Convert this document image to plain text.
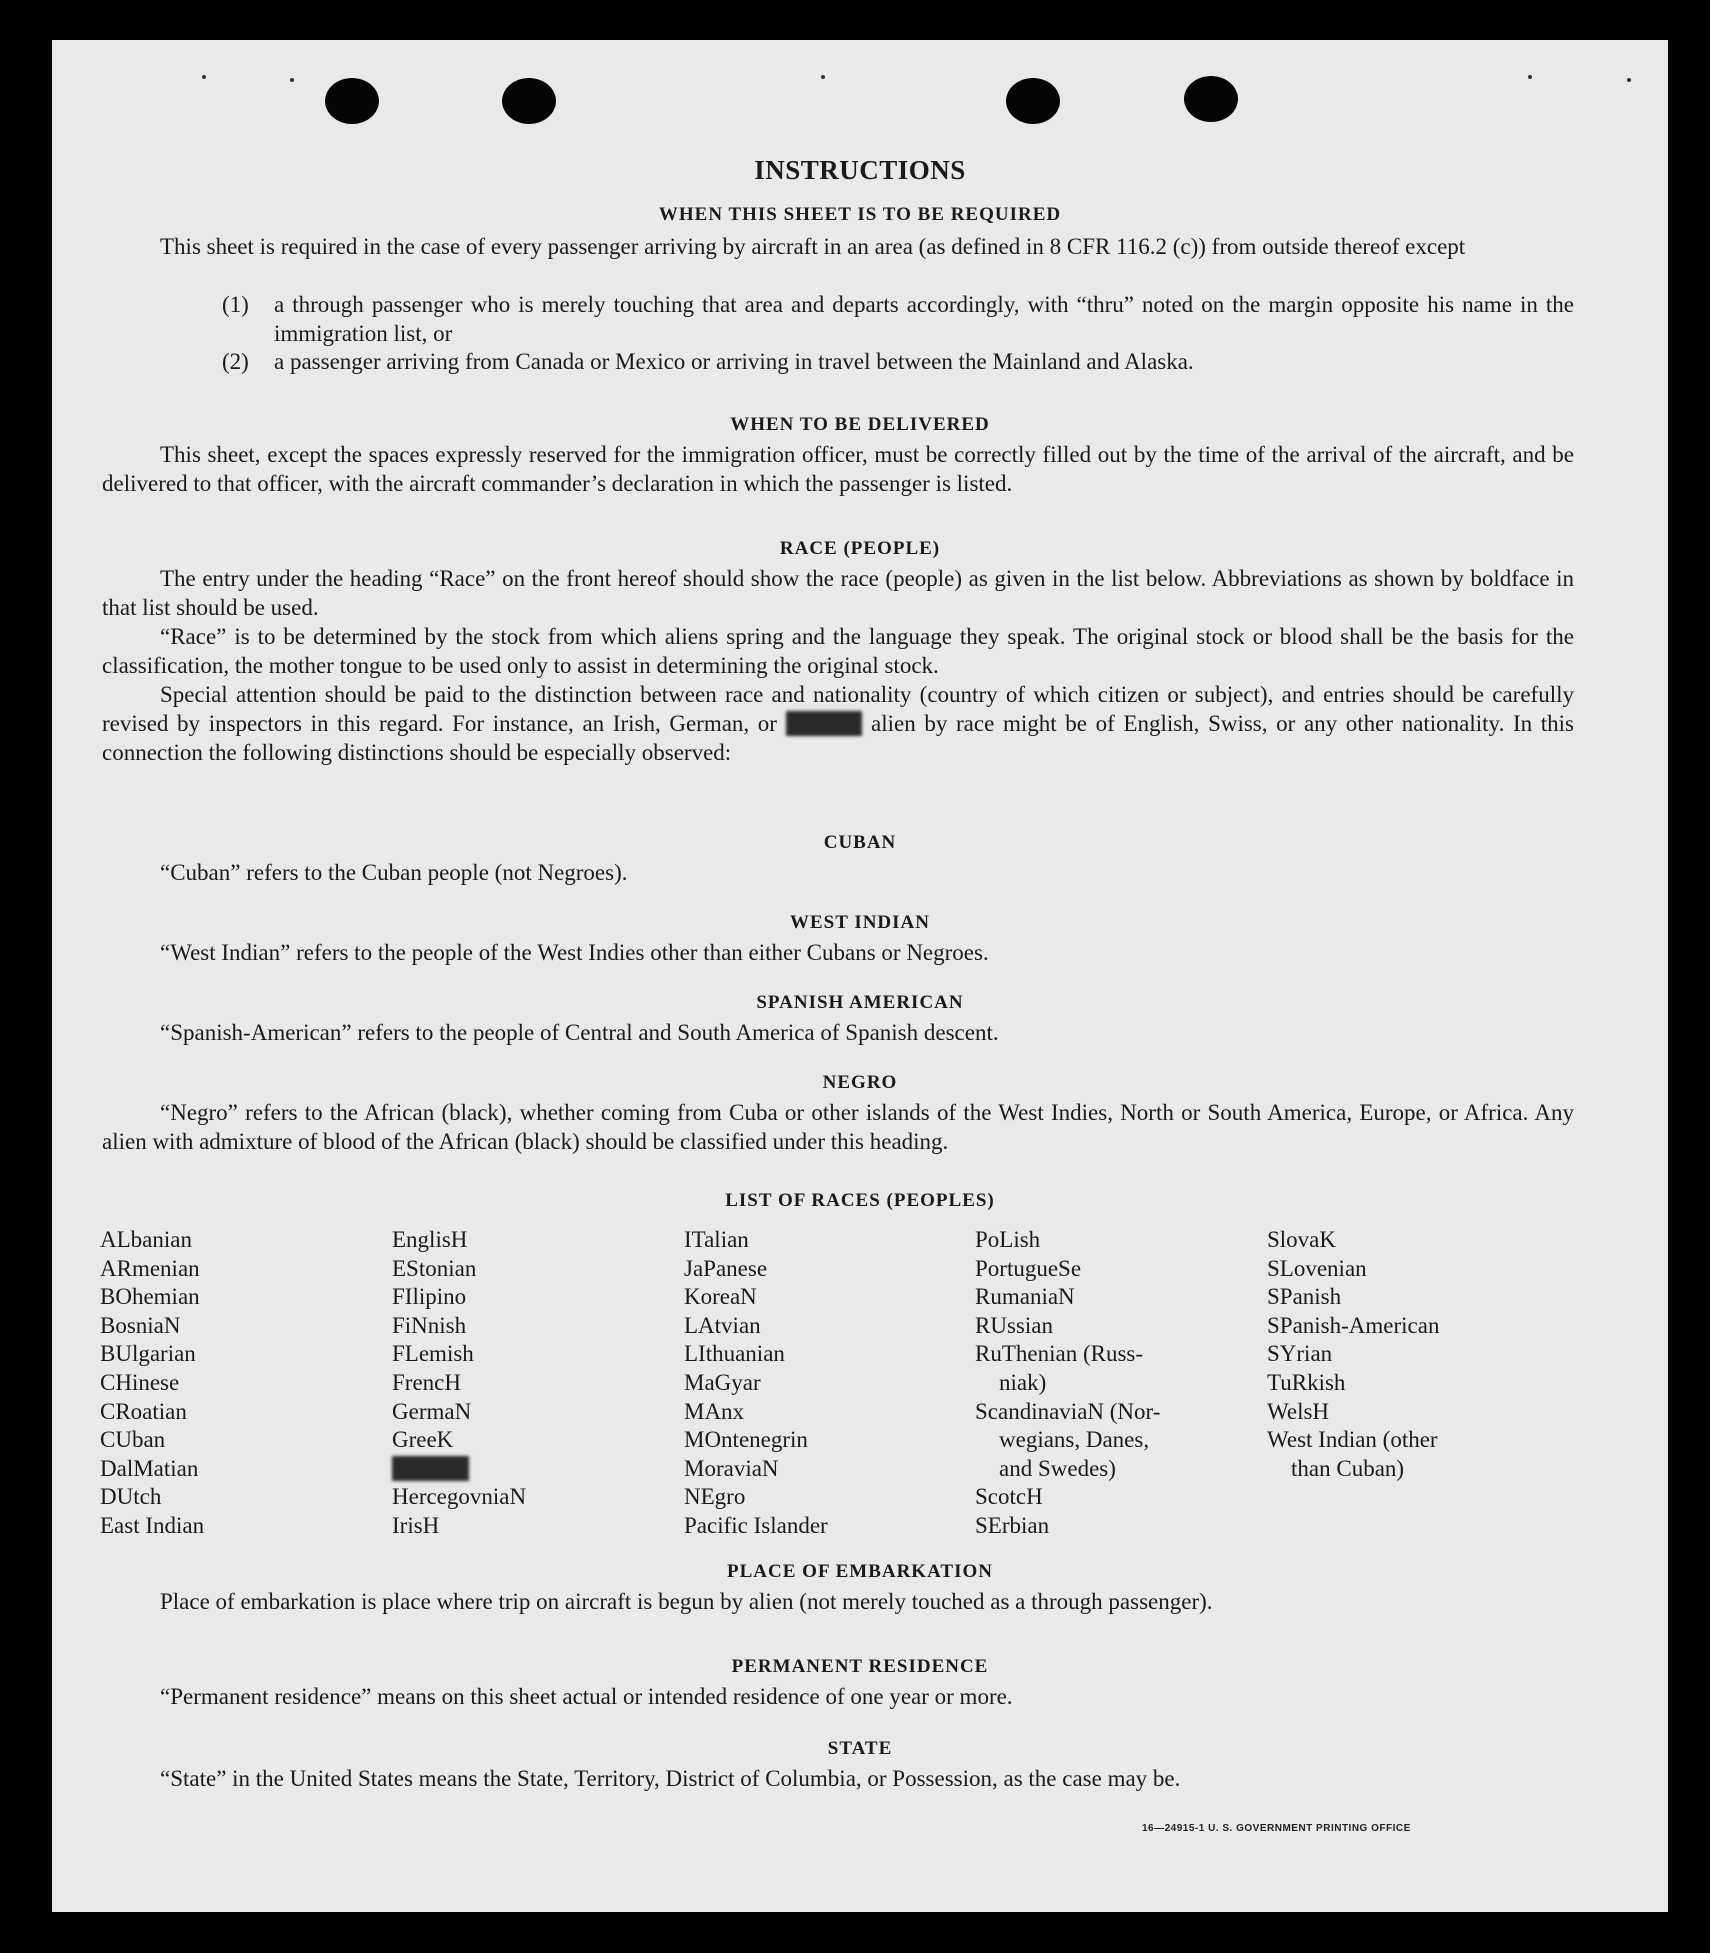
INSTRUCTIONS
WHEN THIS SHEET IS TO BE REQUIRED

This sheet is required in the case of every passenger arriving by aircraft in an area (as defined in 8 CFR 116.2 (c)) from outside thereof except

(1)	a through passenger who is merely touching that area and departs accordingly, with “thru” noted on the margin opposite his name in the immigration list, or
(2)	a passenger arriving from Canada or Mexico or arriving in travel between the Mainland and Alaska.
WHEN TO BE DELIVERED

This sheet, except the spaces expressly reserved for the immigration officer, must be correctly filled out by the time of the arrival of the aircraft, and be delivered to that officer, with the aircraft commander’s declaration in which the passenger is listed.

RACE (PEOPLE)

The entry under the heading “Race” on the front hereof should show the race (people) as given in the list below. Abbreviations as shown by boldface in that list should be used.

“Race” is to be determined by the stock from which aliens spring and the language they speak. The original stock or blood shall be the basis for the classification, the mother tongue to be used only to assist in determining the original stock.

Special attention should be paid to the distinction between race and nationality (country of which citizen or subject), and entries should be carefully revised by inspectors in this regard. For instance, an Irish, German, or Hebrew alien by race might be of English, Swiss, or any other nationality. In this connection the following distinctions should be especially observed:

CUBAN

“Cuban” refers to the Cuban people (not Negroes).

WEST INDIAN

“West Indian” refers to the people of the West Indies other than either Cubans or Negroes.

SPANISH AMERICAN

“Spanish-American” refers to the people of Central and South America of Spanish descent.

NEGRO

“Negro” refers to the African (black), whether coming from Cuba or other islands of the West Indies, North or South America, Europe, or Africa. Any alien with admixture of blood of the African (black) should be classified under this heading.

LIST OF RACES (PEOPLES)
ALbanian
ARmenian
BOhemian
BosniaN
BUlgarian
CHinese
CRoatian
CUban
DalMatian
DUtch
East Indian
EnglisH
EStonian
FIlipino
FiNnish
FLemish
FrencH
GermaN
GreeK
Hebrew
HercegovniaN
IrisH
ITalian
JaPanese
KoreaN
LAtvian
LIthuanian
MaGyar
MAnx
MOntenegrin
MoraviaN
NEgro
Pacific Islander
PoLish
PortugueSe
RumaniaN
RUssian
RuThenian (Russ-
niak)
ScandinaviaN (Nor-
wegians, Danes,
and Swedes)
ScotcH
SErbian
SlovaK
SLovenian
SPanish
SPanish-American
SYrian
TuRkish
WelsH
West Indian (other
than Cuban)
PLACE OF EMBARKATION

Place of embarkation is place where trip on aircraft is begun by alien (not merely touched as a through passenger).

PERMANENT RESIDENCE

“Permanent residence” means on this sheet actual or intended residence of one year or more.

STATE

“State” in the United States means the State, Territory, District of Columbia, or Possession, as the case may be.

16—24915-1 U. S. GOVERNMENT PRINTING OFFICE
